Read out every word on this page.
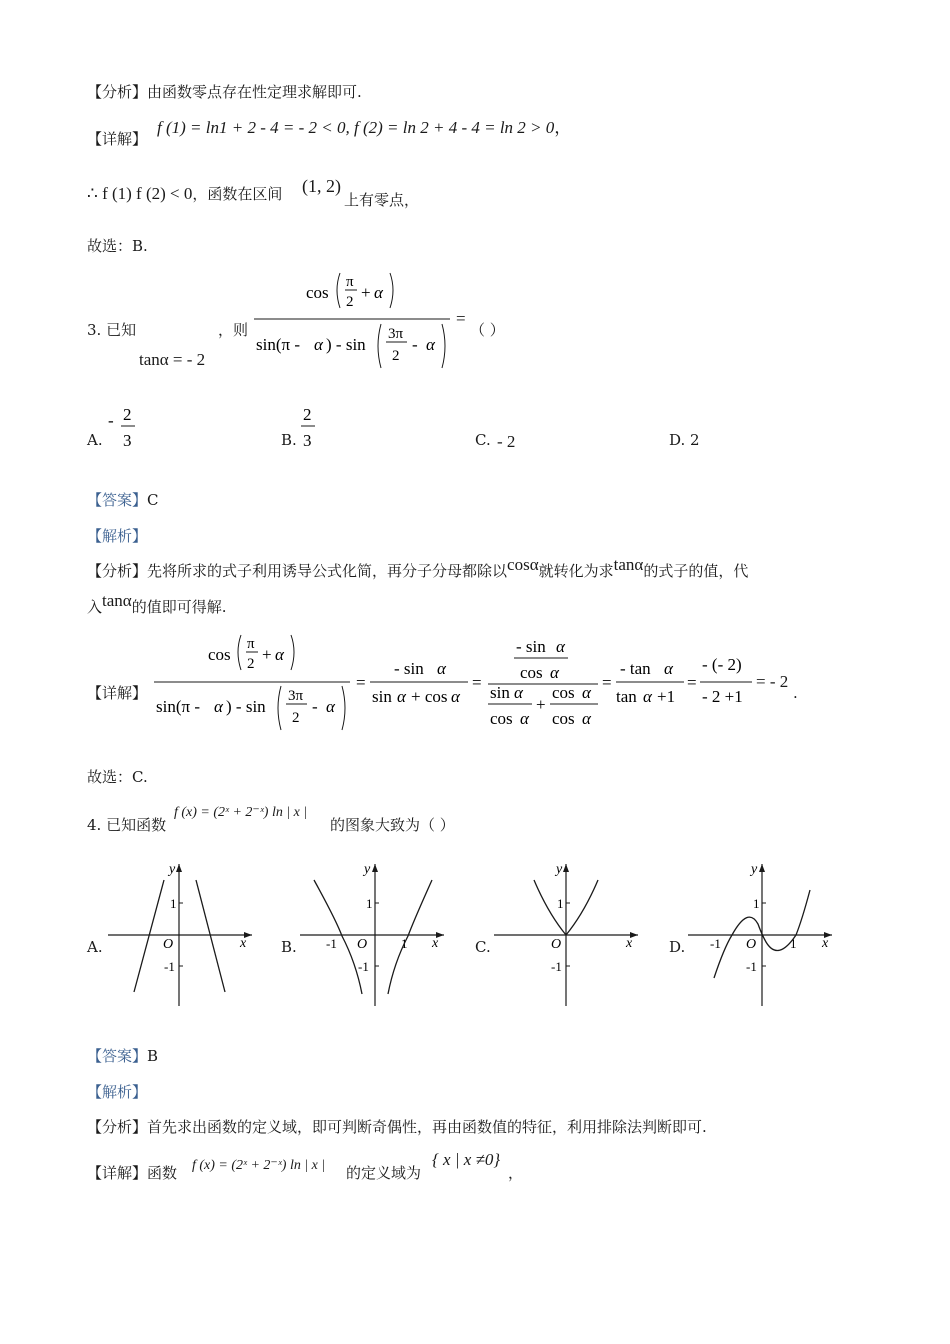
【分析】由函数零点存在性定理求解即可.
【详解】
f (1) = ln1 + 2 - 4 = - 2 < 0, f (2) = ln 2 + 4 - 4 = ln 2 > 0，
∴ f (1) f (2) < 0，函数在区间 (1, 2)
上有零点，
故选：B.
3. 已知
tanα = - 2
，则
cos
π
2 + α
sin(π - α ) - sin
3π
2
- α
=
（ ）
A.
- 2
3	B.
2
3	C. - 2	D. 2
【答案】C
【解析】
【分析】先将所求的式子利用诱导公式化简，再分子分母都除以cosα就转化为求tanα的式子的值，代
入tanα的值即可得解.
【详解】
cos
π
2 + α
sin(π - α ) - sin
3π
2
- α
=
- sin α
sin α + cos α
=
- sin α
cos α
sin α
cos α
+
cos α
cos α
=
- tan α
tan α +1
=
- (- 2)
- 2 +1
= - 2
.
故选：C.
4. 已知函数
f (x) = (2ˣ + 2⁻ˣ) ln | x |
的图象大致为（ ）
A.	B.	C.	D.
y
x
O
1
-1
y
x
O
1
-1
-1	1
y
x
O
1
-1
y
x
O
1
-1
-1	1
【答案】B
【解析】
【分析】首先求出函数的定义域，即可判断奇偶性，再由函数值的特征，利用排除法判断即可.
【详解】函数 f (x) = (2ˣ + 2⁻ˣ) ln | x | 的定义域为
{ x | x ≠0}
，
